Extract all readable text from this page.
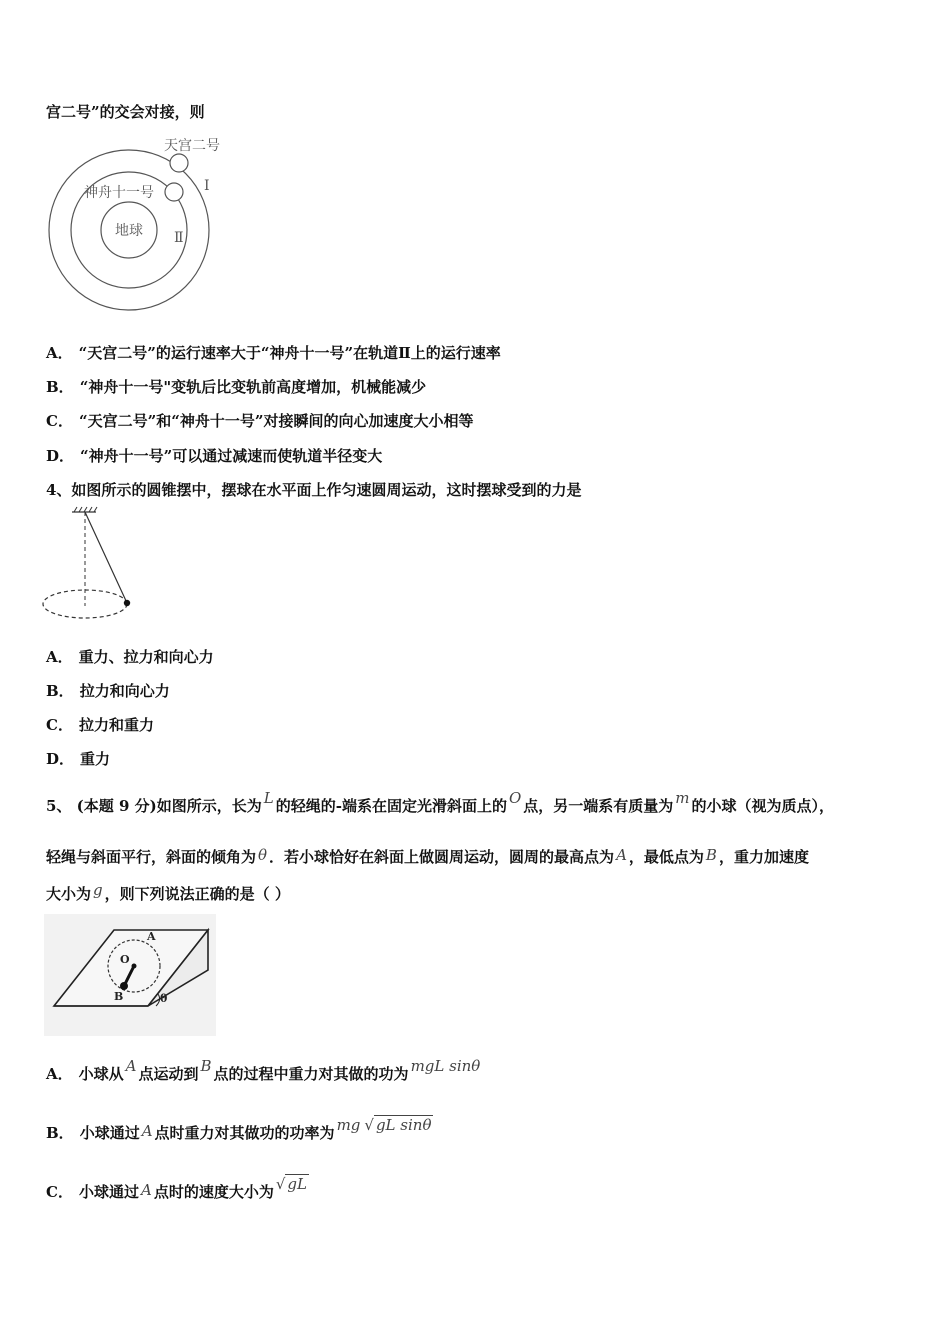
宫二号”的交会对接，则
天宫二号
神舟十一号
地球
Ⅰ
Ⅱ
A． “天宫二号”的运行速率大于“神舟十一号”在轨道Ⅱ上的运行速率
B． “神舟十一号"变轨后比变轨前高度增加，机械能减少
C． “天宫二号”和“神舟十一号”对接瞬间的向心加速度大小相等
D． “神舟十一号”可以通过减速而使轨道半径变大
4、如图所示的圆锥摆中，摆球在水平面上作匀速圆周运动，这时摆球受到的力是
A． 重力、拉力和向心力
B． 拉力和向心力
C． 拉力和重力
D． 重力
5、 (本题 9 分)如图所示，长为 L 的轻绳的-端系在固定光滑斜面上的 O 点，另一端系有质量为 m 的小球（视为质点），
轻绳与斜面平行，斜面的倾角为 θ ．若小球恰好在斜面上做圆周运动，圆周的最高点为 A ，最低点为 B ，重力加速度
大小为 g ，则下列说法正确的是（ ）
A
O
B	θ
A． 小球从 A 点运动到 B 点的过程中重力对其做的功为 mgL sinθ
B． 小球通过 A 点时重力对其做功的功率为 mg √ gL sinθ
C． 小球通过 A 点时的速度大小为 √ gL
